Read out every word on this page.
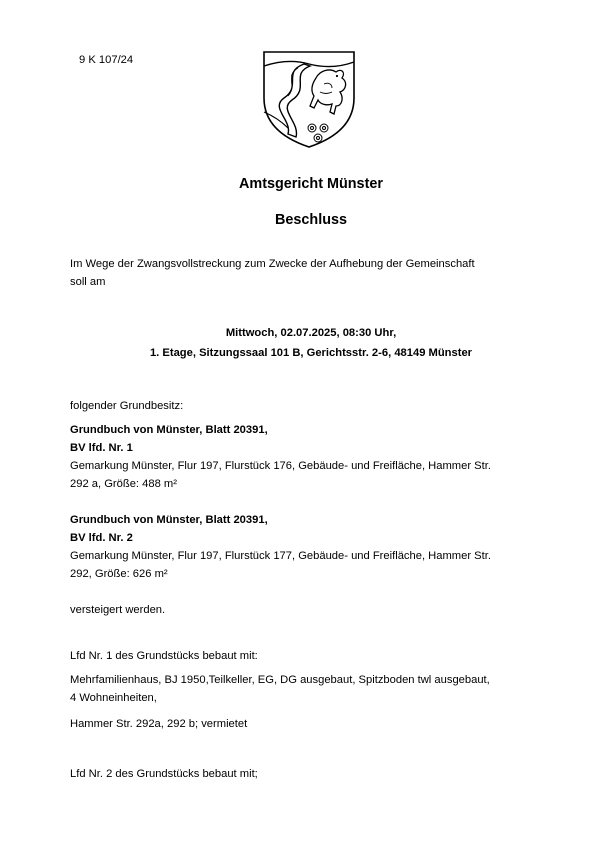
9 K 107/24

Amtsgericht Münster

Beschluss

Im Wege der Zwangsvollstreckung zum Zwecke der Aufhebung der Gemeinschaft

soll am

Mittwoch, 02.07.2025, 08:30 Uhr,

1. Etage, Sitzungssaal 101 B, Gerichtsstr. 2-6, 48149 Münster

folgender Grundbesitz:

Grundbuch von Münster, Blatt 20391,

BV lfd. Nr. 1

Gemarkung Münster, Flur 197, Flurstück 176, Gebäude- und Freifläche, Hammer Str.

292 a, Größe: 488 m²

Grundbuch von Münster, Blatt 20391,

BV lfd. Nr. 2

Gemarkung Münster, Flur 197, Flurstück 177, Gebäude- und Freifläche, Hammer Str.

292, Größe: 626 m²

versteigert werden.

Lfd Nr. 1 des Grundstücks bebaut mit:

Mehrfamilienhaus, BJ 1950,Teilkeller, EG, DG ausgebaut, Spitzboden twl ausgebaut,

4 Wohneinheiten,

Hammer Str. 292a, 292 b; vermietet

Lfd Nr. 2 des Grundstücks bebaut mit;
